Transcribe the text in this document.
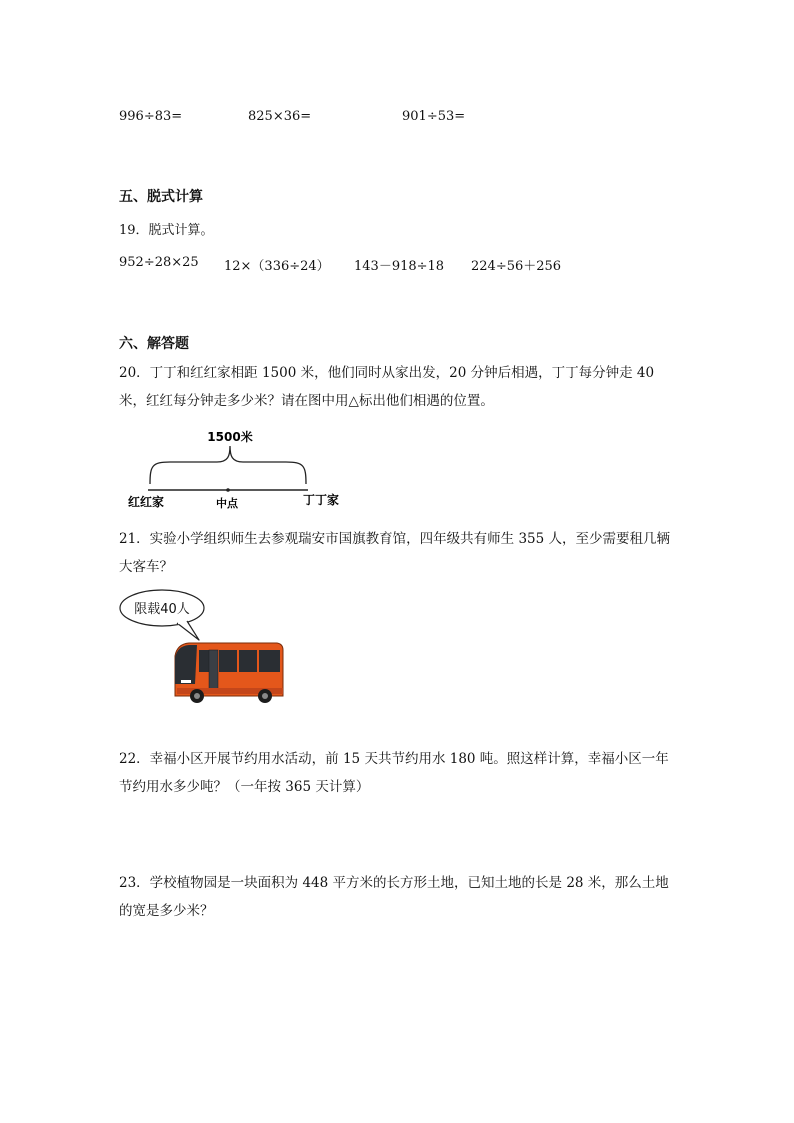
996÷83=	825×36=	901÷53=
五、脱式计算
19．脱式计算。
952÷28×25 12×（336÷24） 143－918÷18 224÷56＋256
六、解答题
20．丁丁和红红家相距 1500 米，他们同时从家出发，20 分钟后相遇，丁丁每分钟走 40 米，红红每分钟走多少米？请在图中用△标出他们相遇的位置。
1500米
红红家	中点	丁丁家
21．实验小学组织师生去参观瑞安市国旗教育馆，四年级共有师生 355 人，至少需要租几辆大客车？
限载40人
22．幸福小区开展节约用水活动，前 15 天共节约用水 180 吨。照这样计算，幸福小区一年节约用水多少吨？（一年按 365 天计算）
23．学校植物园是一块面积为 448 平方米的长方形土地，已知土地的长是 28 米，那么土地的宽是多少米？
